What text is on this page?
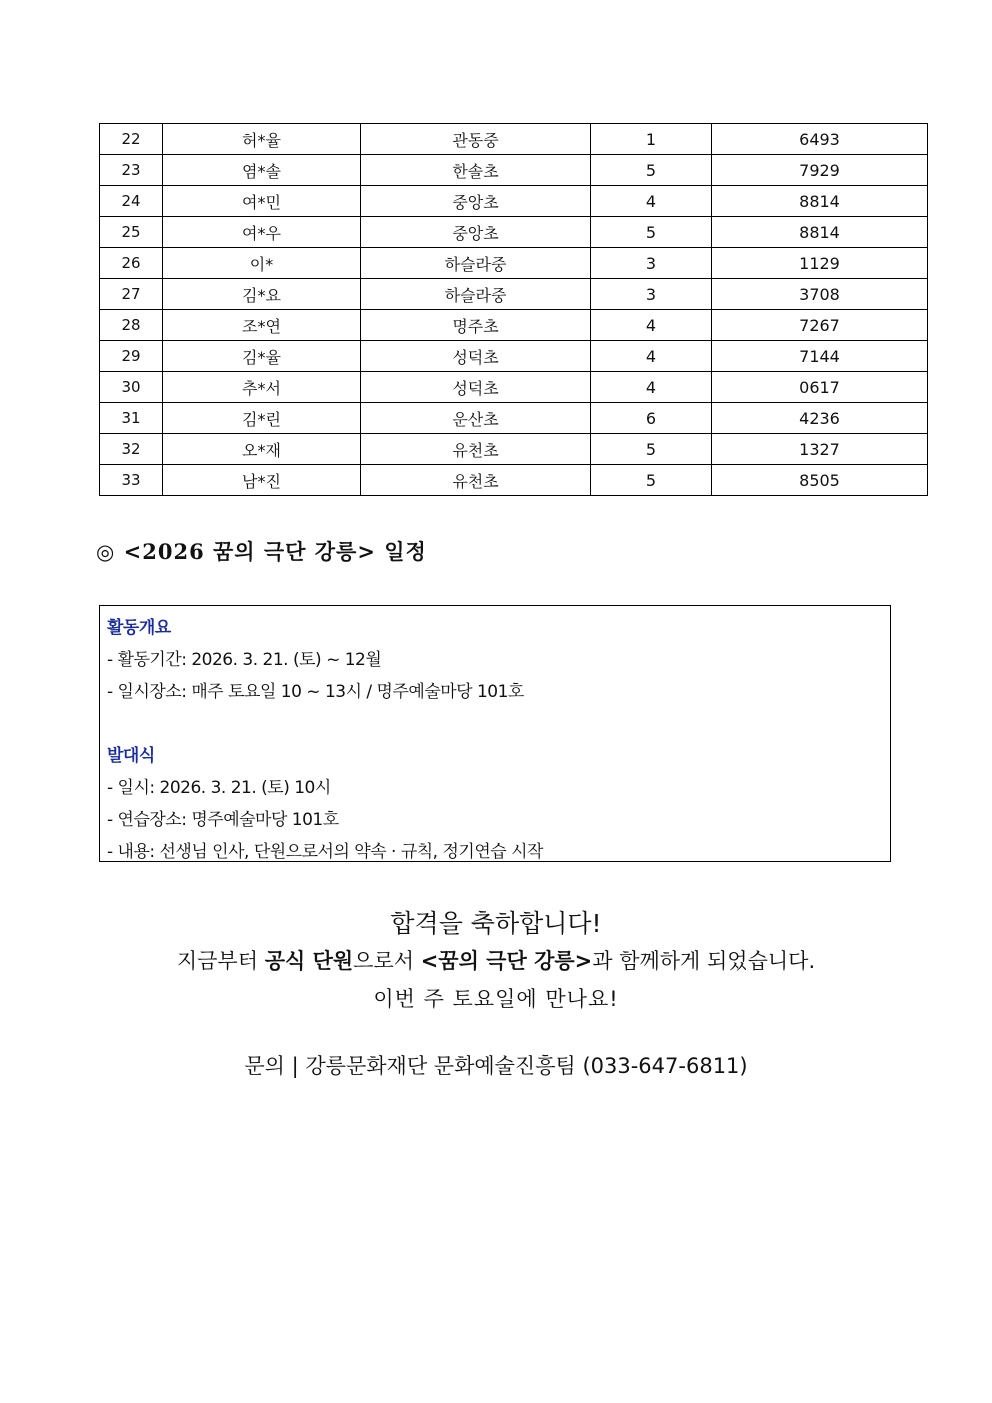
22	허*율	관동중	1	6493
23	염*솔	한솔초	5	7929
24	여*민	중앙초	4	8814
25	여*우	중앙초	5	8814
26	이*	하슬라중	3	1129
27	김*요	하슬라중	3	3708
28	조*연	명주초	4	7267
29	김*율	성덕초	4	7144
30	추*서	성덕초	4	0617
31	김*린	운산초	6	4236
32	오*재	유천초	5	1327
33	남*진	유천초	5	8505
◎ <2026 꿈의 극단 강릉> 일정
활동개요
- 활동기간: 2026. 3. 21. (토) ~ 12월
- 일시장소: 매주 토요일 10 ~ 13시 / 명주예술마당 101호
발대식
- 일시: 2026. 3. 21. (토) 10시
- 연습장소: 명주예술마당 101호
- 내용: 선생님 인사, 단원으로서의 약속 · 규칙, 정기연습 시작
합격을 축하합니다!
지금부터 공식 단원으로서 <꿈의 극단 강릉>과 함께하게 되었습니다.
이번 주 토요일에 만나요!
문의 | 강릉문화재단 문화예술진흥팀 (033-647-6811)
